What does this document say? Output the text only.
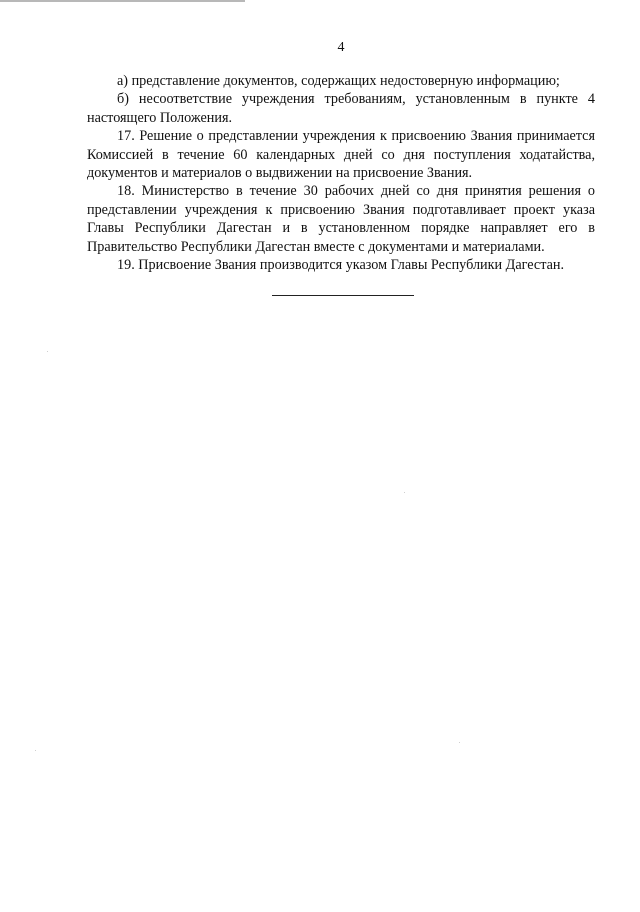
4

а) представление документов, содержащих недостоверную информацию;

б) несоответствие учреждения требованиям, установленным в пункте 4 настоящего Положения.

17. Решение о представлении учреждения к присвоению Звания принимается Комиссией в течение 60 календарных дней со дня поступления ходатайства, документов и материалов о выдвижении на присвоение Звания.

18. Министерство в течение 30 рабочих дней со дня принятия решения о представлении учреждения к присвоению Звания подготавливает проект указа Главы Республики Дагестан и в установленном порядке направляет его в Правительство Республики Дагестан вместе с документами и материалами.

19. Присвоение Звания производится указом Главы Республики Дагестан.
